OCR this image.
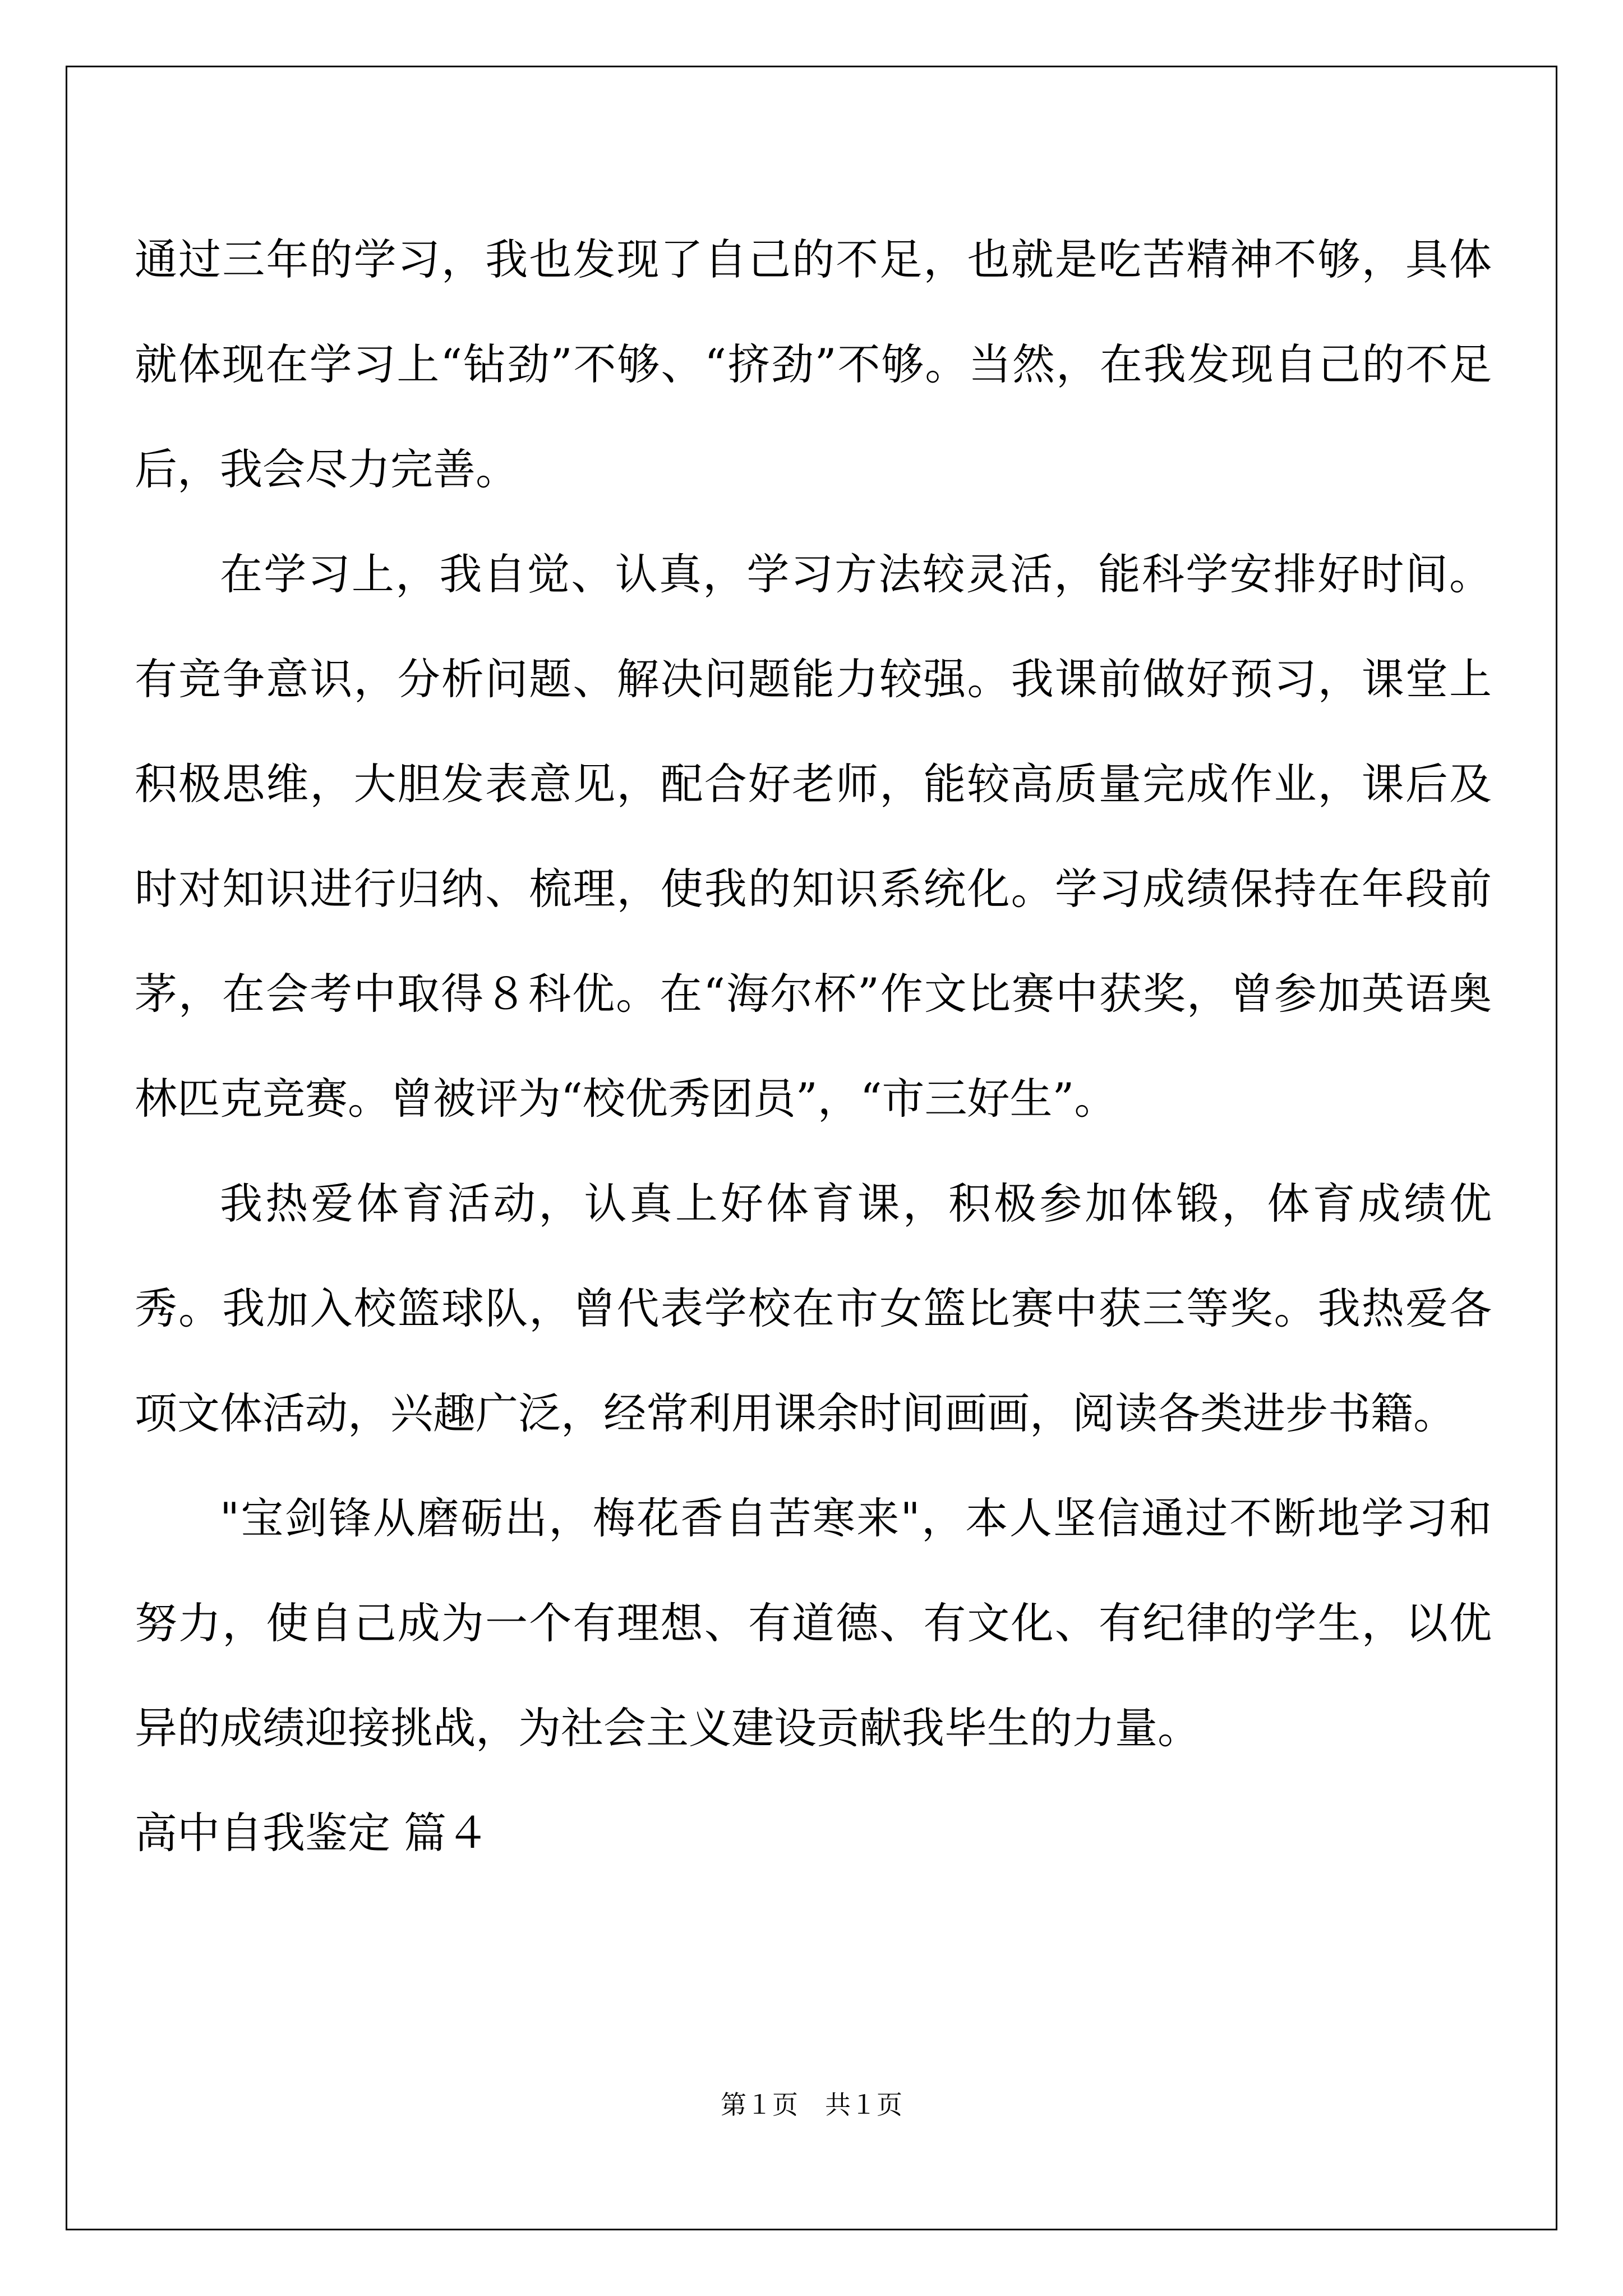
通过三年的学习，我也发现了自己的不足，也就是吃苦精神不够，具体就体现在学习上“钻劲”不够、“挤劲”不够。当然，在我发现自己的不足后，我会尽力完善。

在学习上，我自觉、认真，学习方法较灵活，能科学安排好时间。有竞争意识，分析问题、解决问题能力较强。我课前做好预习，课堂上积极思维，大胆发表意见，配合好老师，能较高质量完成作业，课后及时对知识进行归纳、梳理，使我的知识系统化。学习成绩保持在年段前茅，在会考中取得８科优。在“海尔杯”作文比赛中获奖，曾参加英语奥林匹克竞赛。曾被评为“校优秀团员”，“市三好生”。

我热爱体育活动，认真上好体育课，积极参加体锻，体育成绩优秀。我加入校篮球队，曾代表学校在市女篮比赛中获三等奖。我热爱各项文体活动，兴趣广泛，经常利用课余时间画画，阅读各类进步书籍。

"宝剑锋从磨砺出，梅花香自苦寒来"，本人坚信通过不断地学习和努力，使自己成为一个有理想、有道德、有文化、有纪律的学生，以优异的成绩迎接挑战，为社会主义建设贡献我毕生的力量。

高中自我鉴定 篇４
第１页 共１页
